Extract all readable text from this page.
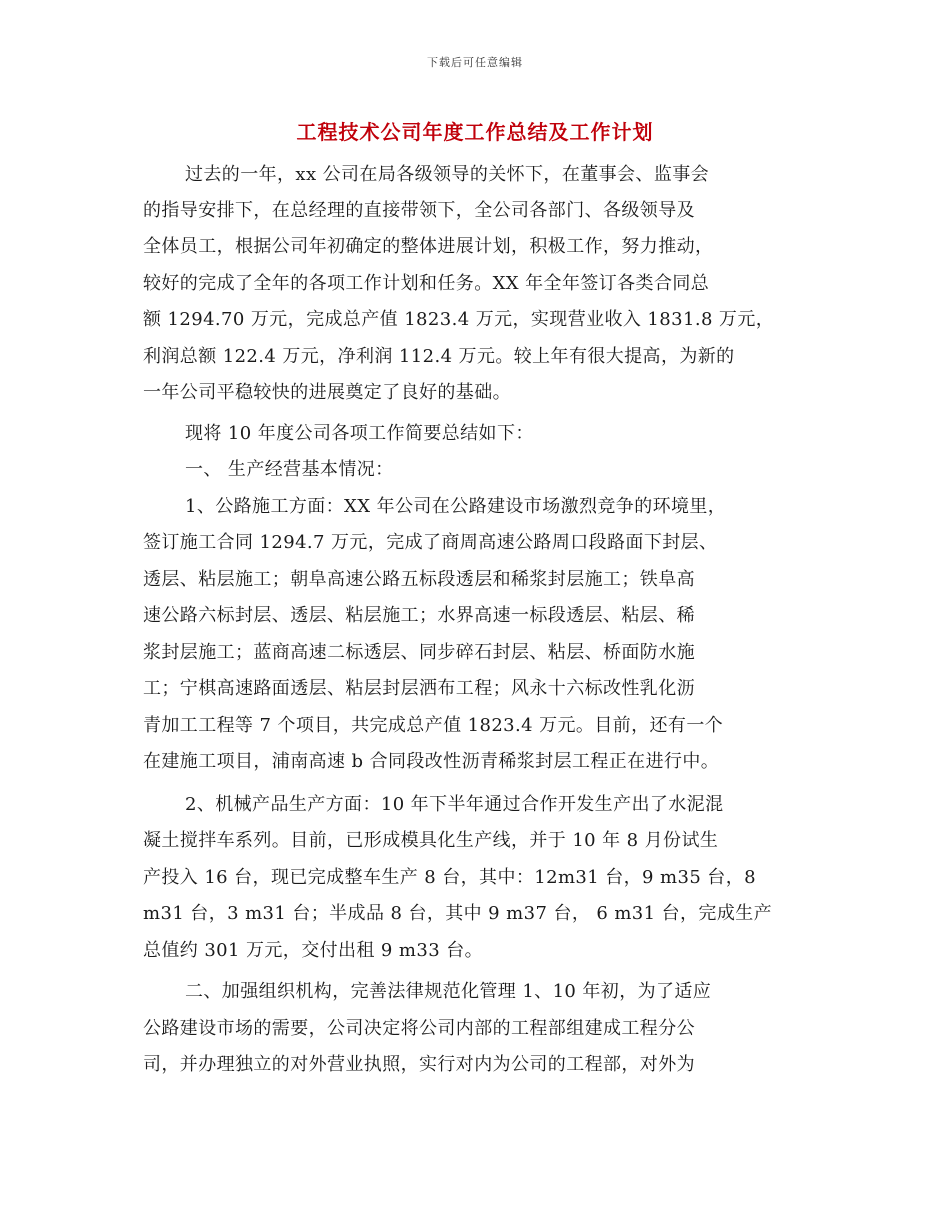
下载后可任意编辑
工程技术公司年度工作总结及工作计划
过去的一年，xx 公司在局各级领导的关怀下，在董事会、监事会
的指导安排下，在总经理的直接带领下，全公司各部门、各级领导及
全体员工，根据公司年初确定的整体进展计划，积极工作，努力推动，
较好的完成了全年的各项工作计划和任务。XX 年全年签订各类合同总
额 1294.70 万元，完成总产值 1823.4 万元，实现营业收入 1831.8 万元，
利润总额 122.4 万元，净利润 112.4 万元。较上年有很大提高，为新的
一年公司平稳较快的进展奠定了良好的基础。
现将 10 年度公司各项工作简要总结如下：
一、 生产经营基本情况：
1、公路施工方面：XX 年公司在公路建设市场激烈竞争的环境里，
签订施工合同 1294.7 万元，完成了商周高速公路周口段路面下封层、
透层、粘层施工；朝阜高速公路五标段透层和稀浆封层施工；铁阜高
速公路六标封层、透层、粘层施工；水界高速一标段透层、粘层、稀
浆封层施工；蓝商高速二标透层、同步碎石封层、粘层、桥面防水施
工；宁棋高速路面透层、粘层封层洒布工程；风永十六标改性乳化沥
青加工工程等 7 个项目，共完成总产值 1823.4 万元。目前，还有一个
在建施工项目，浦南高速 b 合同段改性沥青稀浆封层工程正在进行中。
2、机械产品生产方面：10 年下半年通过合作开发生产出了水泥混
凝土搅拌车系列。目前，已形成模具化生产线，并于 10 年 8 月份试生
产投入 16 台，现已完成整车生产 8 台，其中：12m31 台，9 m35 台，8
m31 台，3 m31 台；半成品 8 台，其中 9 m37 台， 6 m31 台，完成生产
总值约 301 万元，交付出租 9 m33 台。
二、加强组织机构，完善法律规范化管理 1、10 年初，为了适应
公路建设市场的需要，公司决定将公司内部的工程部组建成工程分公
司，并办理独立的对外营业执照，实行对内为公司的工程部，对外为
